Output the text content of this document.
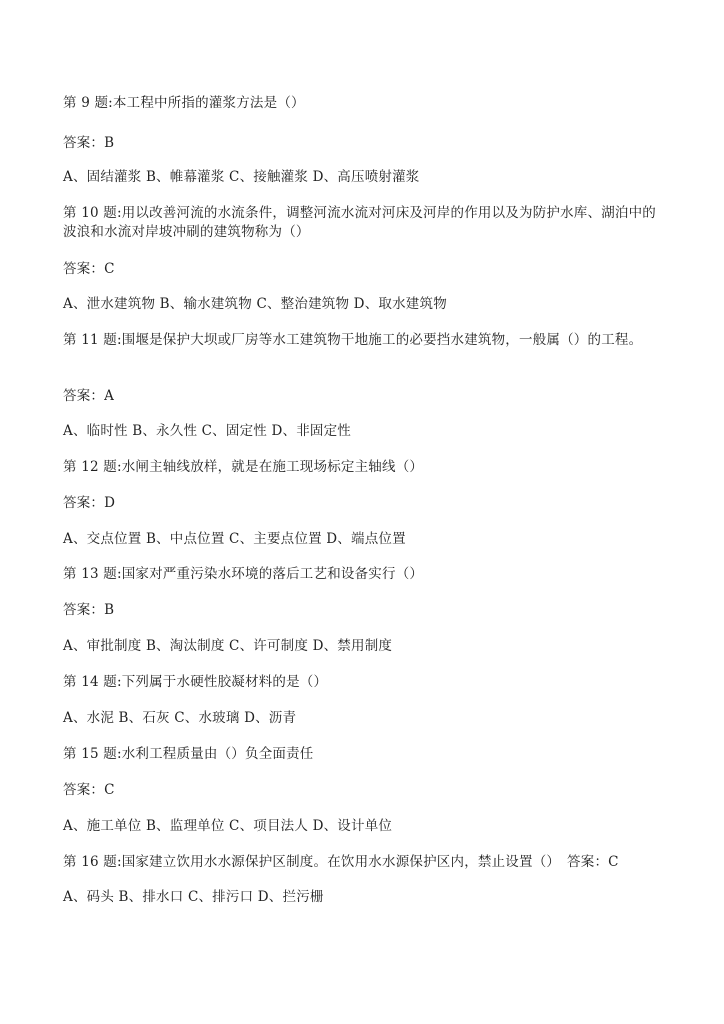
第 9 题:本工程中所指的灌浆方法是（）
答案：B
A、固结灌浆 B、帷幕灌浆 C、接触灌浆 D、高压喷射灌浆
第 10 题:用以改善河流的水流条件，调整河流水流对河床及河岸的作用以及为防护水库、湖泊中的波浪和水流对岸坡冲刷的建筑物称为（）
答案：C
A、泄水建筑物 B、输水建筑物 C、整治建筑物 D、取水建筑物
第 11 题:围堰是保护大坝或厂房等水工建筑物干地施工的必要挡水建筑物，一般属（）的工程。
答案：A
A、临时性 B、永久性 C、固定性 D、非固定性
第 12 题:水闸主轴线放样，就是在施工现场标定主轴线（）
答案：D
A、交点位置 B、中点位置 C、主要点位置 D、端点位置
第 13 题:国家对严重污染水环境的落后工艺和设备实行（）
答案：B
A、审批制度 B、淘汰制度 C、许可制度 D、禁用制度
第 14 题:下列属于水硬性胶凝材料的是（）
A、水泥 B、石灰 C、水玻璃 D、沥青
第 15 题:水利工程质量由（）负全面责任
答案：C
A、施工单位 B、监理单位 C、项目法人 D、设计单位
第 16 题:国家建立饮用水水源保护区制度。在饮用水水源保护区内，禁止设置（）　答案：C
A、码头 B、排水口 C、排污口 D、拦污栅
